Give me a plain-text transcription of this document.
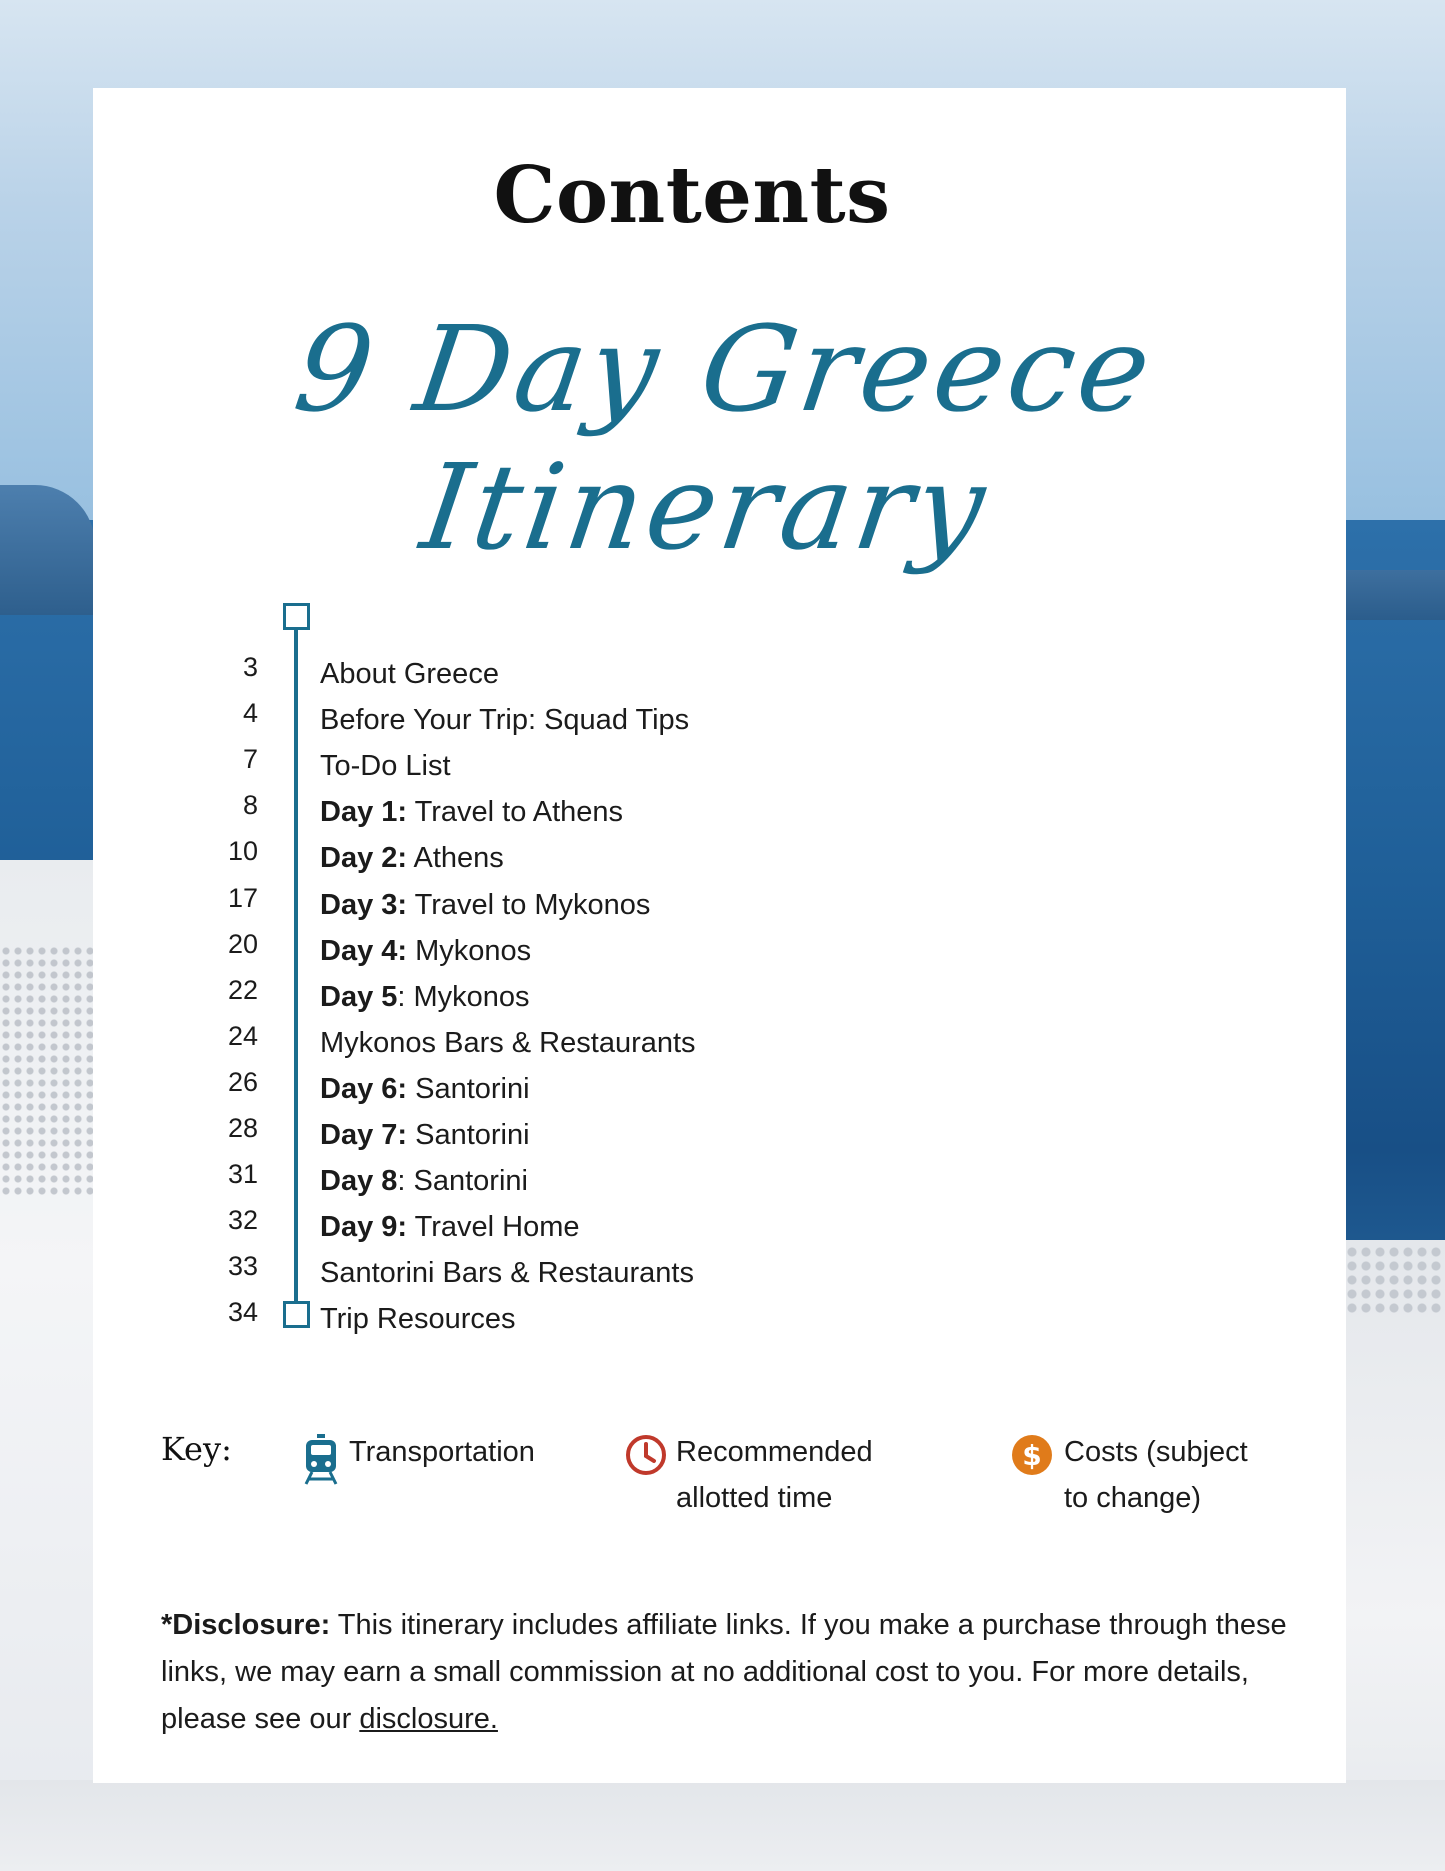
Contents
9 Day Greece Itinerary
3 About Greece
4 Before Your Trip: Squad Tips
7 To-Do List
8 Day 1: Travel to Athens
10 Day 2: Athens
17 Day 3: Travel to Mykonos
20 Day 4: Mykonos
22 Day 5: Mykonos
24 Mykonos Bars & Restaurants
26 Day 6: Santorini
28 Day 7: Santorini
31 Day 8: Santorini
32 Day 9: Travel Home
33 Santorini Bars & Restaurants
34 Trip Resources
Key:	Transportation	Recommended
allotted time
$ Costs (subject
to change)
*Disclosure: This itinerary includes affiliate links. If you make a purchase through these links, we may earn a small commission at no additional cost to you. For more details, please see our disclosure.
